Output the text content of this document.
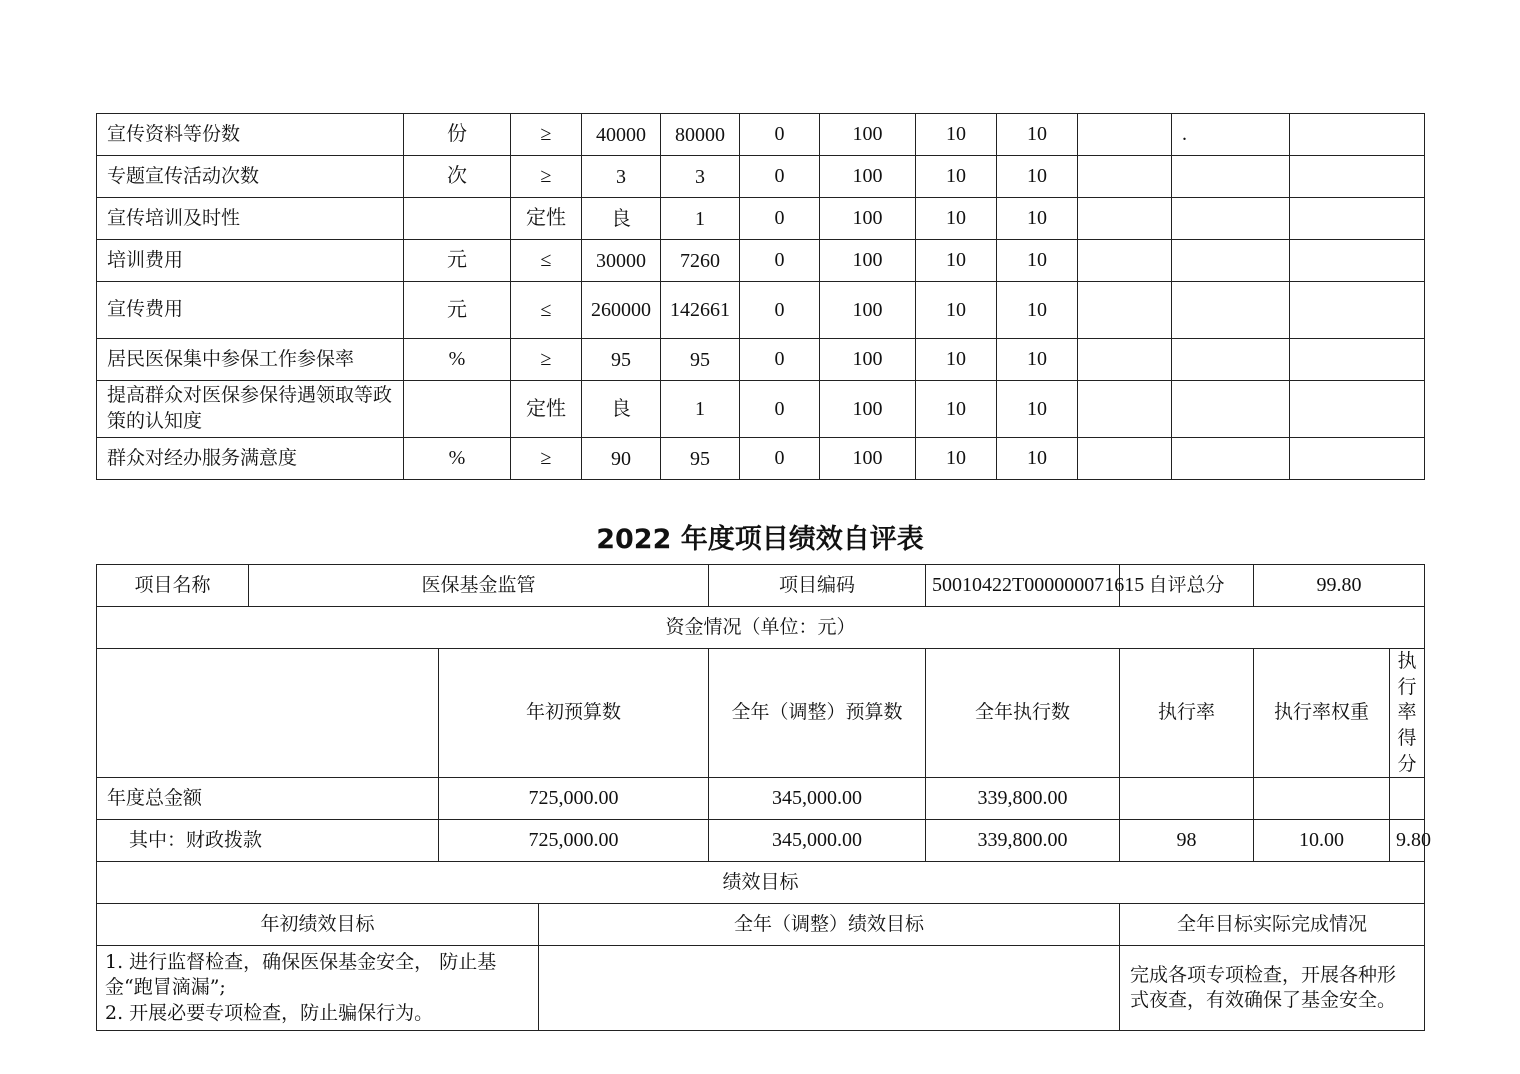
宣传资料等份数	份	≥	40000	80000	0	100	10	10		.	
专题宣传活动次数	次	≥	3	3	0	100	10	10			
宣传培训及时性		定性	良	1	0	100	10	10			
培训费用	元	≤	30000	7260	0	100	10	10			
宣传费用	元	≤	260000	142661	0	100	10	10			
居民医保集中参保工作参保率	%	≥	95	95	0	100	10	10			
提高群众对医保参保待遇领取等政策的认知度		定性	良	1	0	100	10	10			
群众对经办服务满意度	%	≥	90	95	0	100	10	10			
2022 年度项目绩效自评表
项目名称	医保基金监管			项目编码	50010422T000000071615	自评总分	99.80	
资金情况（单位：元）								
		年初预算数		全年（调整）预算数	全年执行数	执行率	执行率权重	执行率得分
年度总金额		725,000.00		345,000.00	339,800.00			
其中：财政拨款		725,000.00		345,000.00	339,800.00	98	10.00	9.80
绩效目标								
年初绩效目标			全年（调整）绩效目标			全年目标实际完成情况		

1. 进行监督检查，确保医保基金安全， 防止基金“跑冒滴漏”;
2. 开展必要专项检查，防止骗保行为。						完成各项专项检查，开展各种形式夜查，有效确保了基金安全。		
